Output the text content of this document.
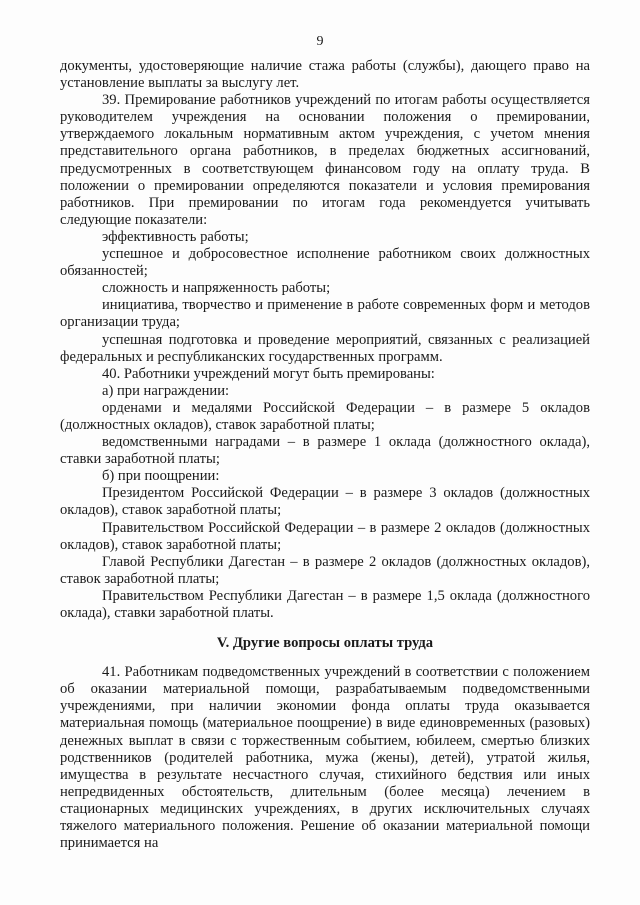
9

документы, удостоверяющие наличие стажа работы (службы), дающего право на установление выплаты за выслугу лет.

39. Премирование работников учреждений по итогам работы осуществляется руководителем учреждения на основании положения о премировании, утверждаемого локальным нормативным актом учреждения, с учетом мнения представительного органа работников, в пределах бюджетных ассигнований, предусмотренных в соответствующем финансовом году на оплату труда. В положении о премировании определяются показатели и условия премирования работников. При премировании по итогам года рекомендуется учитывать следующие показатели:

эффективность работы;

успешное и добросовестное исполнение работником своих должностных обязанностей;

сложность и напряженность работы;

инициатива, творчество и применение в работе современных форм и методов организации труда;

успешная подготовка и проведение мероприятий, связанных с реализацией федеральных и республиканских государственных программ.

40. Работники учреждений могут быть премированы:

а) при награждении:

орденами и медалями Российской Федерации – в размере 5 окладов (должностных окладов), ставок заработной платы;

ведомственными наградами – в размере 1 оклада (должностного оклада), ставки заработной платы;

б) при поощрении:

Президентом Российской Федерации – в размере 3 окладов (должностных окладов), ставок заработной платы;

Правительством Российской Федерации – в размере 2 окладов (должностных окладов), ставок заработной платы;

Главой Республики Дагестан – в размере 2 окладов (должностных окладов), ставок заработной платы;

Правительством Республики Дагестан – в размере 1,5 оклада (должностного оклада), ставки заработной платы.

V. Другие вопросы оплаты труда

41. Работникам подведомственных учреждений в соответствии с положением об оказании материальной помощи, разрабатываемым подведомственными учреждениями, при наличии экономии фонда оплаты труда оказывается материальная помощь (материальное поощрение) в виде единовременных (разовых) денежных выплат в связи с торжественным событием, юбилеем, смертью близких родственников (родителей работника, мужа (жены), детей), утратой жилья, имущества в результате несчастного случая, стихийного бедствия или иных непредвиденных обстоятельств, длительным (более месяца) лечением в стационарных медицинских учреждениях, в других исключительных случаях тяжелого материального положения. Решение об оказании материальной помощи принимается на
